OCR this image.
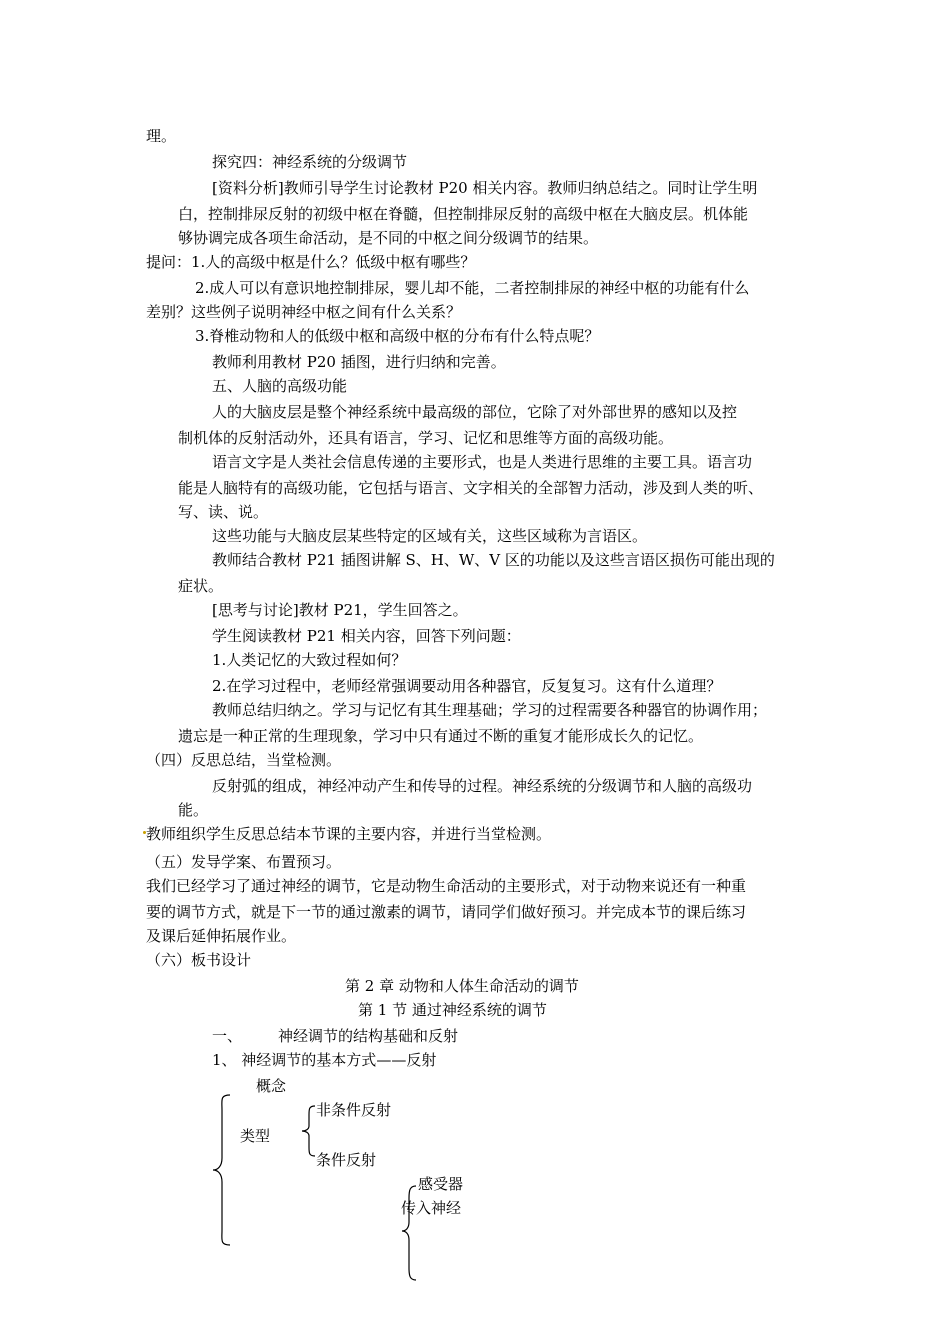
理。
探究四：神经系统的分级调节
[资料分析]教师引导学生讨论教材 P20 相关内容。教师归纳总结之。同时让学生明
白，控制排尿反射的初级中枢在脊髓，但控制排尿反射的高级中枢在大脑皮层。机体能
够协调完成各项生命活动，是不同的中枢之间分级调节的结果。
提问：1.人的高级中枢是什么？低级中枢有哪些？
2.成人可以有意识地控制排尿，婴儿却不能，二者控制排尿的神经中枢的功能有什么
差别？这些例子说明神经中枢之间有什么关系？
3.脊椎动物和人的低级中枢和高级中枢的分布有什么特点呢？
教师利用教材 P20 插图，进行归纳和完善。
五、人脑的高级功能
人的大脑皮层是整个神经系统中最高级的部位，它除了对外部世界的感知以及控
制机体的反射活动外，还具有语言，学习、记忆和思维等方面的高级功能。
语言文字是人类社会信息传递的主要形式，也是人类进行思维的主要工具。语言功
能是人脑特有的高级功能，它包括与语言、文字相关的全部智力活动，涉及到人类的听、
写、读、说。
这些功能与大脑皮层某些特定的区域有关，这些区域称为言语区。
教师结合教材 P21 插图讲解 S、H、W、V 区的功能以及这些言语区损伤可能出现的
症状。
[思考与讨论]教材 P21，学生回答之。
学生阅读教材 P21 相关内容，回答下列问题：
1.人类记忆的大致过程如何？
2.在学习过程中，老师经常强调要动用各种器官，反复复习。这有什么道理？
教师总结归纳之。学习与记忆有其生理基础；学习的过程需要各种器官的协调作用；
遗忘是一种正常的生理现象，学习中只有通过不断的重复才能形成长久的记忆。
（四）反思总结，当堂检测。
反射弧的组成，神经冲动产生和传导的过程。神经系统的分级调节和人脑的高级功
能。
教师组织学生反思总结本节课的主要内容，并进行当堂检测。
（五）发导学案、布置预习。
我们已经学习了通过神经的调节，它是动物生命活动的主要形式，对于动物来说还有一种重
要的调节方式，就是下一节的通过激素的调节，请同学们做好预习。并完成本节的课后练习
及课后延伸拓展作业。
（六）板书设计
第 2 章 动物和人体生命活动的调节
第 1 节 通过神经系统的调节
一、 神经调节的结构基础和反射
1、 神经调节的基本方式——反射
概念
类型
非条件反射
条件反射
感受器
传入神经
